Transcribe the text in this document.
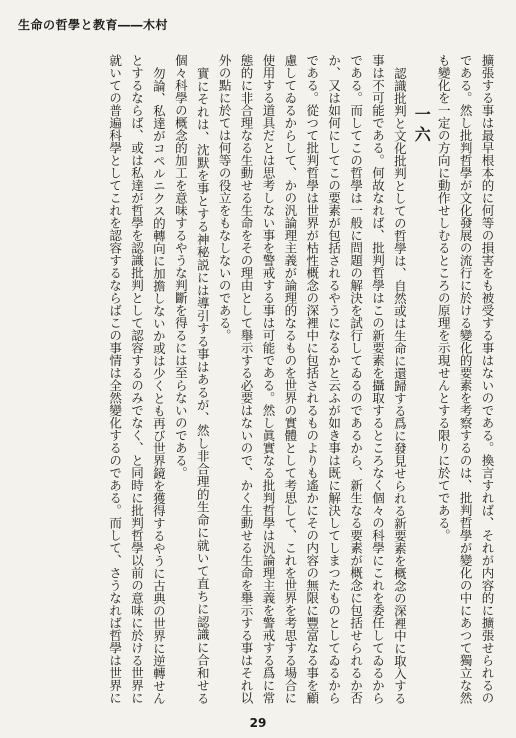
生命の哲學と教育――木村
擴張する事は最早根本的に何等の損害をも被受する事はないのである。換言すれば、それが内容的に擴張せられるのである。然し批判哲學が文化發展の流行に於ける變化的要素を考察するのは、批判哲學が變化の中にあつて獨立な然も變化を一定の方向に動作せしむるところの原理を示現せんとする限りに於てである。
一六
認識批判と文化批判としての哲學は、自然或は生命に還歸する爲に發見せられる新要素を概念の深裡中に取入する事は不可能である。何故なれば、批判哲學はこの新要素を攝取するところなく個々の科學にこれを委任してゐるからである。而してこの哲學は一般に問題の解決を試行してゐるのであるから、新生なる要素が概念に包括せられるか否か、又は如何にしてこの要素が包括されるやうになるかと云ふが如き事は既に解決してしまつたものとしてゐるからである。從つて批判哲學は世界が枯性概念の深裡中に包括されるものよりも遙かにその内容の無限に豐富なる事を顧慮してゐるからして、かの汎論理主義が論理的なるものを世界の實體として考思して、これを世界を考思する場合に使用する道具だとは思考しない事を警戒する事は可能である。然し眞實なる批判哲學は汎論理主義を警戒する爲に常態的に非合理なる生動せる生命をその理由として舉示する必要はないので、かく生動せる生命を舉示する事はそれ以外の點に於ては何等の役立をもなしないのである。
實にそれは、沈默を事とする神秘説には導引する事はあるが、然し非合理的生命に就いて直ちに認識に合和せる個々科學の概念的加工を意味するやうな判斷を得るには至らないのである。
勿論、私達がコペルニクス的轉向に加擔しないか或は少くとも再び世界鏡を獲得するやうに古典の世界に逆轉せんとするならば、或は私達が哲學を認識批判として認容するのみでなく、と同時に批判哲學以前の意味に於ける世界に就いての普遍科學としてこれを認容するならばこの事情は全然變化するのである。而して、さうなれば哲學は世界に
29
